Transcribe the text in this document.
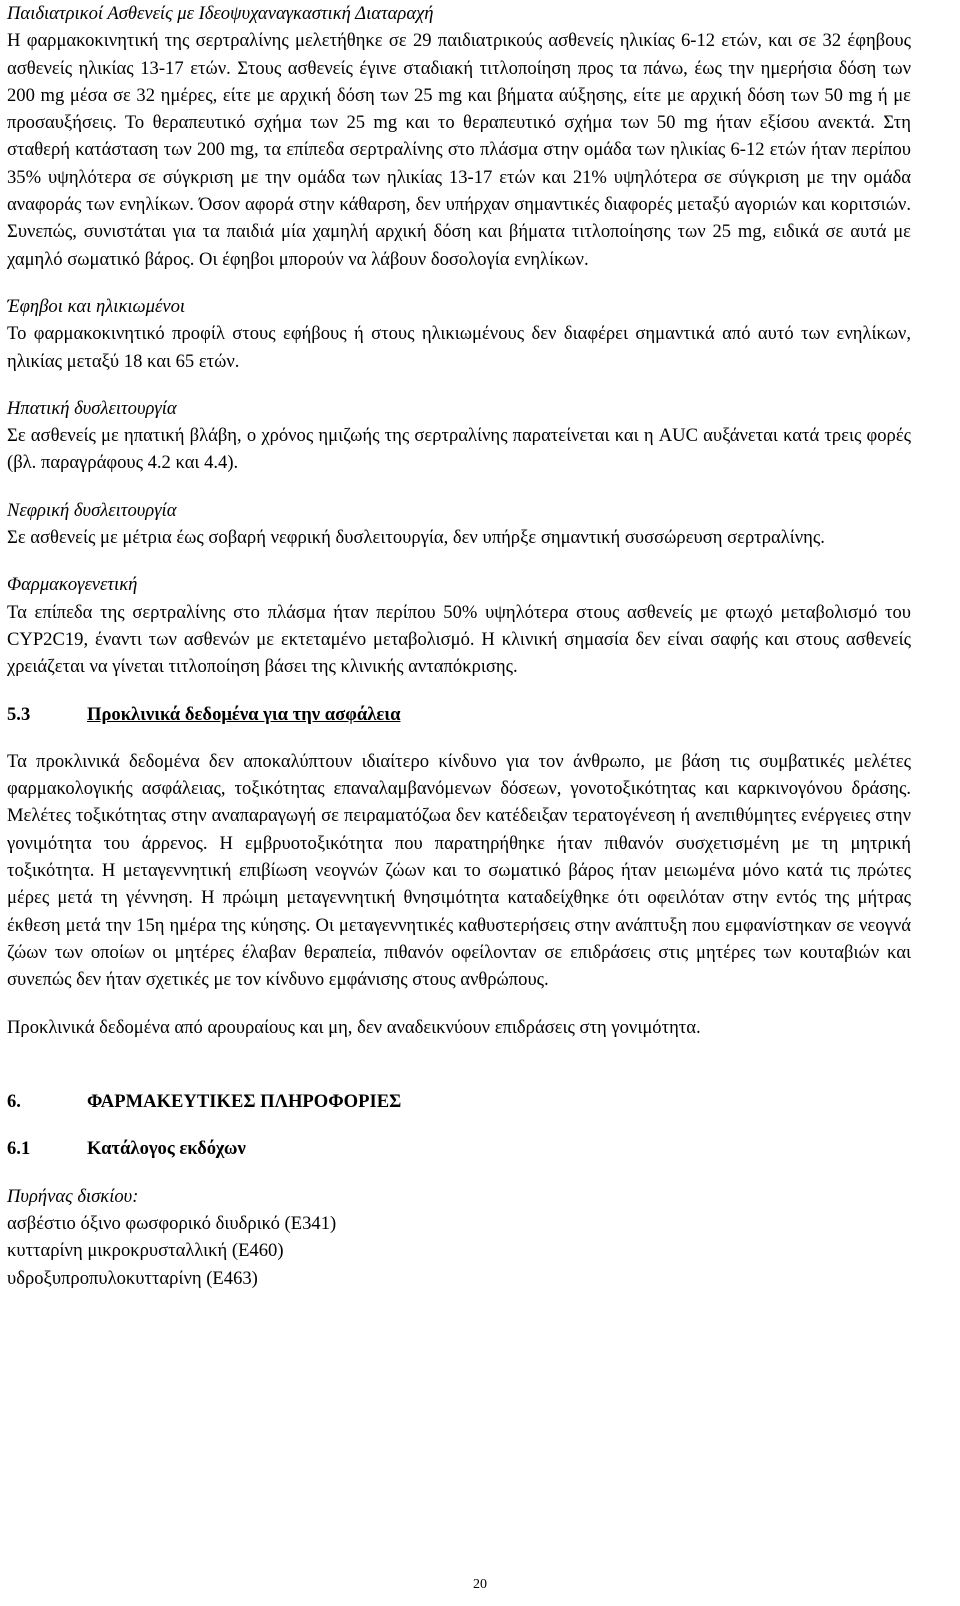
Παιδιατρικοί Ασθενείς με Ιδεοψυχαναγκαστική Διαταραχή

Η φαρμακοκινητική της σερτραλίνης μελετήθηκε σε 29 παιδιατρικούς ασθενείς ηλικίας 6-12 ετών, και σε 32 έφηβους ασθενείς ηλικίας 13-17 ετών. Στους ασθενείς έγινε σταδιακή τιτλοποίηση προς τα πάνω, έως την ημερήσια δόση των 200 mg μέσα σε 32 ημέρες, είτε με αρχική δόση των 25 mg και βήματα αύξησης, είτε με αρχική δόση των 50 mg ή με προσαυξήσεις. Το θεραπευτικό σχήμα των 25 mg και το θεραπευτικό σχήμα των 50 mg ήταν εξίσου ανεκτά. Στη σταθερή κατάσταση των 200 mg, τα επίπεδα σερτραλίνης στο πλάσμα στην ομάδα των ηλικίας 6-12 ετών ήταν περίπου 35% υψηλότερα σε σύγκριση με την ομάδα των ηλικίας 13-17 ετών και 21% υψηλότερα σε σύγκριση με την ομάδα αναφοράς των ενηλίκων. Όσον αφορά στην κάθαρση, δεν υπήρχαν σημαντικές διαφορές μεταξύ αγοριών και κοριτσιών. Συνεπώς, συνιστάται για τα παιδιά μία χαμηλή αρχική δόση και βήματα τιτλοποίησης των 25 mg, ειδικά σε αυτά με χαμηλό σωματικό βάρος. Οι έφηβοι μπορούν να λάβουν δοσολογία ενηλίκων.

Έφηβοι και ηλικιωμένοι

Το φαρμακοκινητικό προφίλ στους εφήβους ή στους ηλικιωμένους δεν διαφέρει σημαντικά από αυτό των ενηλίκων, ηλικίας μεταξύ 18 και 65 ετών.

Ηπατική δυσλειτουργία

Σε ασθενείς με ηπατική βλάβη, ο χρόνος ημιζωής της σερτραλίνης παρατείνεται και η AUC αυξάνεται κατά τρεις φορές (βλ. παραγράφους 4.2 και 4.4).

Νεφρική δυσλειτουργία

Σε ασθενείς με μέτρια έως σοβαρή νεφρική δυσλειτουργία, δεν υπήρξε σημαντική συσσώρευση σερτραλίνης.

Φαρμακογενετική

Τα επίπεδα της σερτραλίνης στο πλάσμα ήταν περίπου 50% υψηλότερα στους ασθενείς με φτωχό μεταβολισμό του CYP2C19, έναντι των ασθενών με εκτεταμένο μεταβολισμό. Η κλινική σημασία δεν είναι σαφής και στους ασθενείς χρειάζεται να γίνεται τιτλοποίηση βάσει της κλινικής ανταπόκρισης.

5.3	Προκλινικά δεδομένα για την ασφάλεια

Τα προκλινικά δεδομένα δεν αποκαλύπτουν ιδιαίτερο κίνδυνο για τον άνθρωπο, με βάση τις συμβατικές μελέτες φαρμακολογικής ασφάλειας, τοξικότητας επαναλαμβανόμενων δόσεων, γονοτοξικότητας και καρκινογόνου δράσης. Μελέτες τοξικότητας στην αναπαραγωγή σε πειραματόζωα δεν κατέδειξαν τερατογένεση ή ανεπιθύμητες ενέργειες στην γονιμότητα του άρρενος. Η εμβρυοτοξικότητα που παρατηρήθηκε ήταν πιθανόν συσχετισμένη με τη μητρική τοξικότητα. Η μεταγεννητική επιβίωση νεογνών ζώων και το σωματικό βάρος ήταν μειωμένα μόνο κατά τις πρώτες μέρες μετά τη γέννηση. Η πρώιμη μεταγεννητική θνησιμότητα καταδείχθηκε ότι οφειλόταν στην εντός της μήτρας έκθεση μετά την 15η ημέρα της κύησης. Οι μεταγεννητικές καθυστερήσεις στην ανάπτυξη που εμφανίστηκαν σε νεογνά ζώων των οποίων οι μητέρες έλαβαν θεραπεία, πιθανόν οφείλονταν σε επιδράσεις στις μητέρες των κουταβιών και συνεπώς δεν ήταν σχετικές με τον κίνδυνο εμφάνισης στους ανθρώπους.

Προκλινικά δεδομένα από αρουραίους και μη, δεν αναδεικνύουν επιδράσεις στη γονιμότητα.

6.	ΦΑΡΜΑΚΕΥΤΙΚΕΣ ΠΛΗΡΟΦΟΡΙΕΣ

6.1	Κατάλογος εκδόχων

Πυρήνας δισκίου:

ασβέστιο όξινο φωσφορικό διυδρικό (E341)

κυτταρίνη μικροκρυσταλλική (E460)

υδροξυπροπυλοκυτταρίνη (E463)

20
